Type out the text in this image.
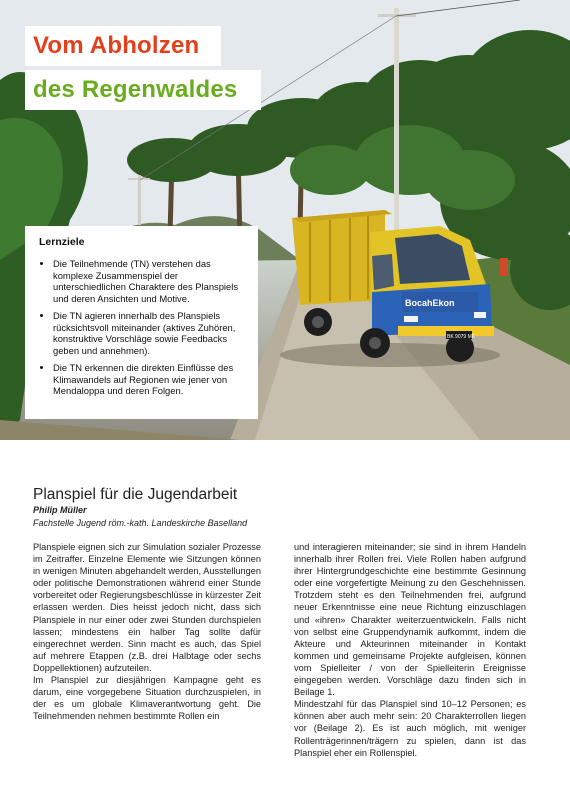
BocahEkon
BK 9079 ME
Vom Abholzen
des Regenwaldes
Lernziele
• Die Teilnehmende (TN) verstehen das komplexe Zusammenspiel der unterschiedlichen Charaktere des Planspiels und deren Ansichten und Motive.
• Die TN agieren innerhalb des Planspiels rücksichtsvoll miteinander (aktives Zuhören, konstruktive Vorschläge sowie Feedbacks geben und annehmen).
• Die TN erkennen die direkten Einflüsse des Klimawandels auf Regionen wie jener von Mendaloppa und deren Folgen.
Planspiel für die Jugendarbeit
Philip Müller
Fachstelle Jugend röm.-kath. Landeskirche Baselland

Planspiele eignen sich zur Simulation sozialer Prozesse im Zeitraffer. Einzelne Elemente wie Sitzungen können in wenigen Minuten abgehandelt werden, Ausstellungen oder politische Demonstrationen während einer Stunde vorbereitet oder Regierungsbeschlüsse in kürzester Zeit erlassen werden. Dies heisst jedoch nicht, dass sich Planspiele in nur einer oder zwei Stunden durchspielen lassen; mindestens ein halber Tag sollte dafür eingerechnet werden. Sinn macht es auch, das Spiel auf mehrere Etappen (z.B. drei Halbtage oder sechs Doppellektionen) aufzuteilen.

Im Planspiel zur diesjährigen Kampagne geht es darum, eine vorgegebene Situation durchzuspielen, in der es um globale Klimaverantwortung geht. Die Teilnehmenden nehmen bestimmte Rollen ein

und interagieren miteinander; sie sind in ihrem Handeln innerhalb ihrer Rollen frei. Viele Rollen haben aufgrund ihrer Hintergrundgeschichte eine bestimmte Gesinnung oder eine vorgefertigte Meinung zu den Geschehnissen. Trotzdem steht es den Teilnehmenden frei, aufgrund neuer Erkenntnisse eine neue Richtung einzuschlagen und «ihren» Charakter weiterzuentwickeln. Falls nicht von selbst eine Gruppendynamik aufkommt, indem die Akteure und Akteurinnen miteinander in Kontakt kommen und gemeinsame Projekte aufgleisen, können vom Spielleiter / von der Spielleiterin Ereignisse eingegeben werden. Vorschläge dazu finden sich in Beilage 1.

Mindestzahl für das Planspiel sind 10–12 Personen; es können aber auch mehr sein: 20 Charakterrollen liegen vor (Beilage 2). Es ist auch möglich, mit weniger Rollenträgerinnen/trägern zu spielen, dann ist das Planspiel eher ein Rollenspiel.
